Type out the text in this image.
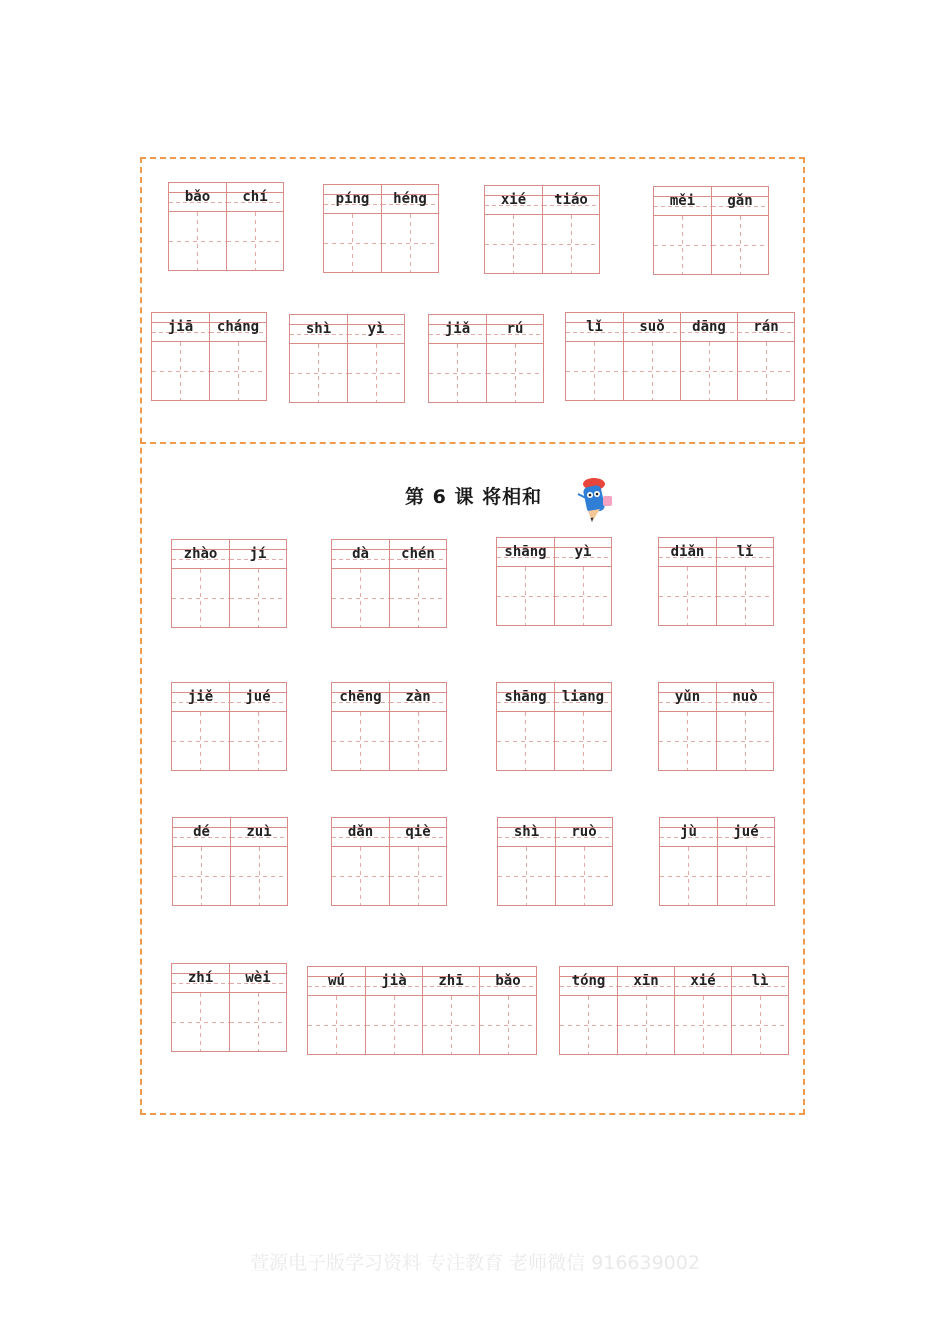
第 6 课 将相和
bǎo	chí	píng	héng	xié	tiáo	měi	gǎn
jiā	cháng	shì	yì	jiǎ	rú	lǐ	suǒ	dāng	rán
zhào	jí	dà	chén	shāng	yì	diǎn	lǐ
jiě	jué	chēng	zàn	shāng	liang	yǔn	nuò
dé	zuì	dǎn	qiè	shì	ruò	jù	jué
zhí	wèi	wú	jià	zhī	bǎo	tóng	xīn	xié	lì
萱源电子版学习资料 专注教育 老师微信 916639002
